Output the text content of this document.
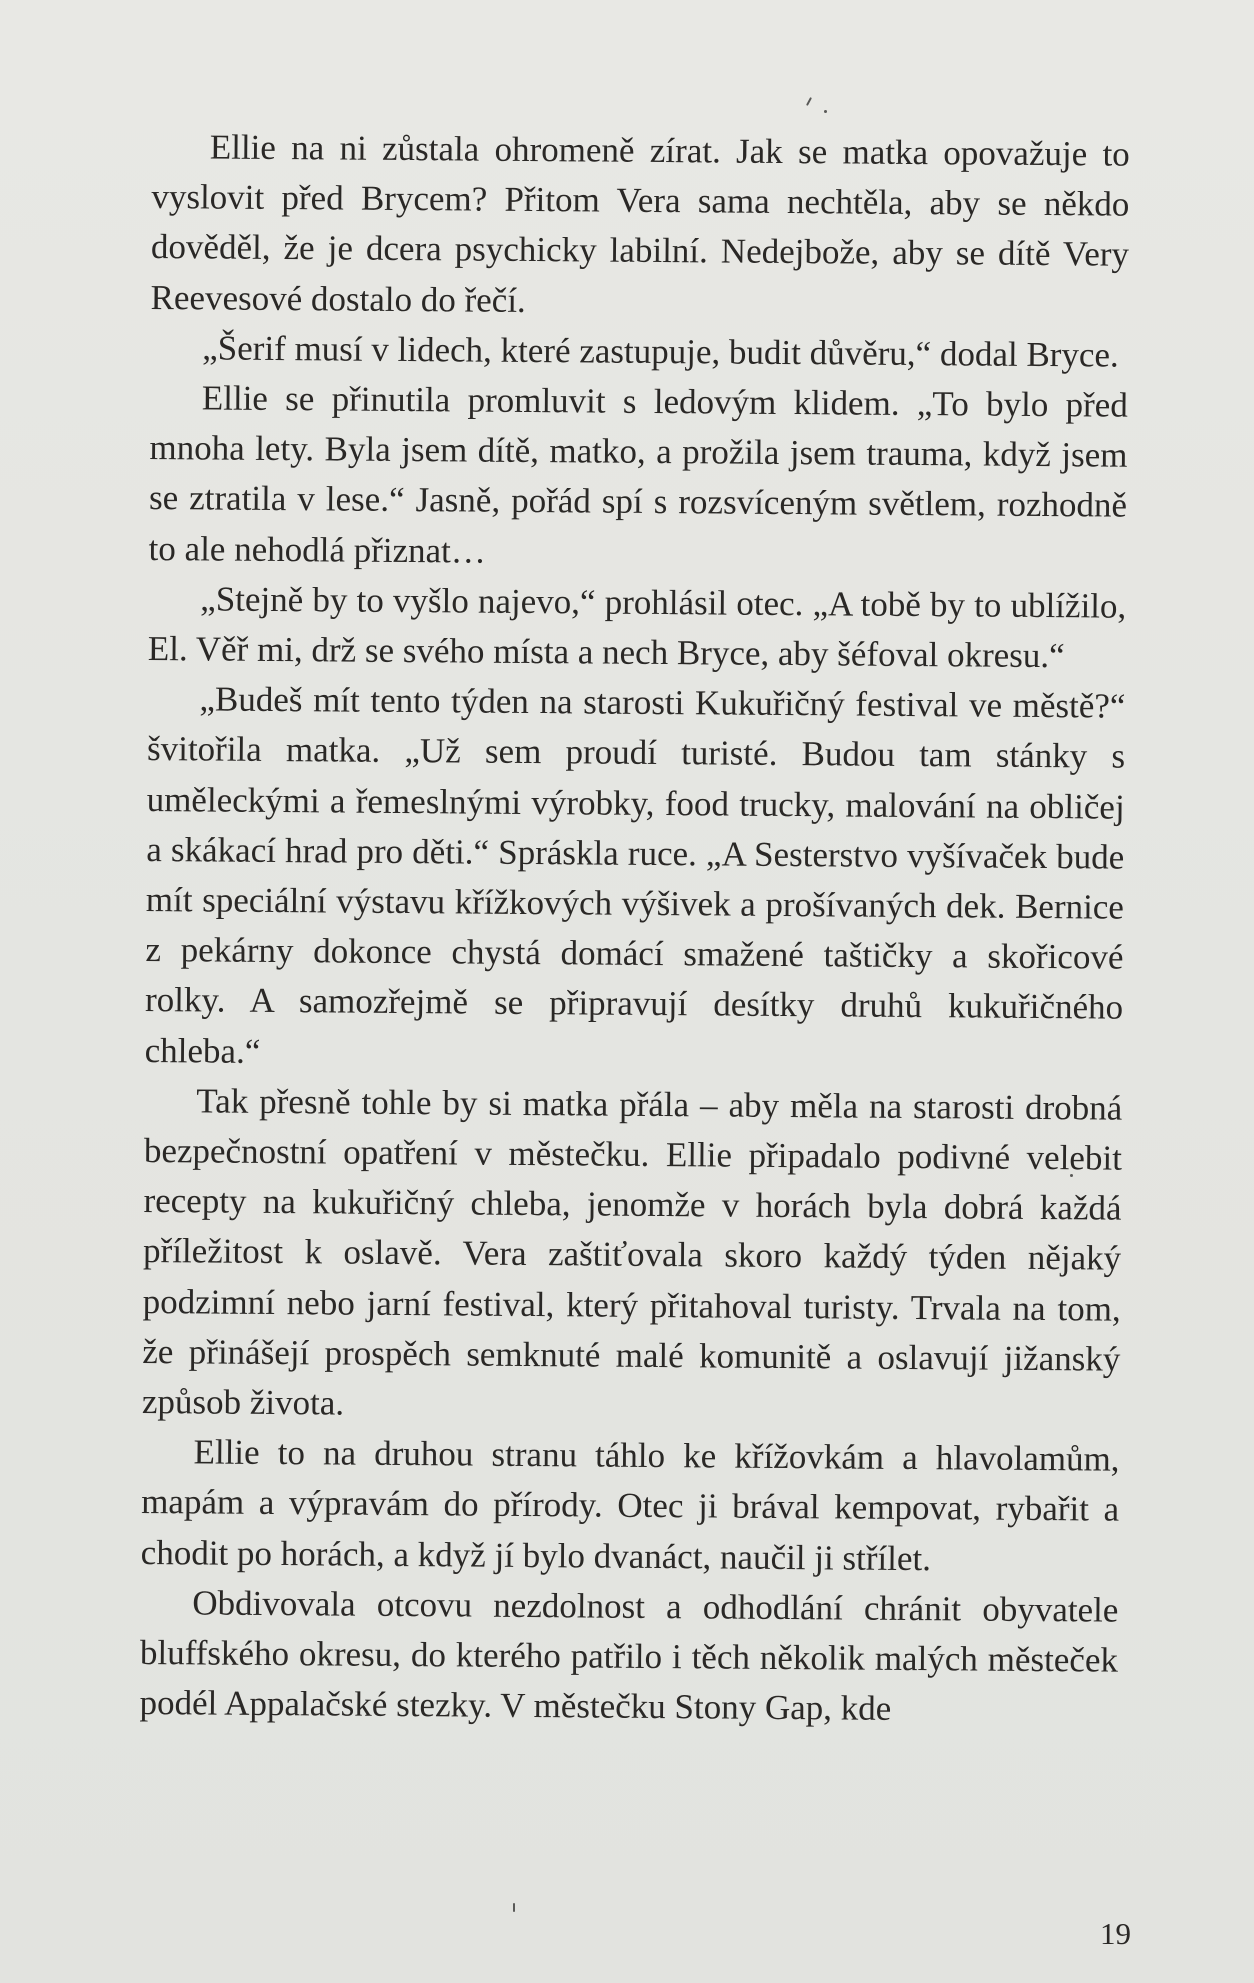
Ellie na ni zůstala ohromeně zírat. Jak se matka opovažuje to vyslovit před Brycem? Přitom Vera sama nechtěla, aby se někdo dověděl, že je dcera psychicky labilní. Nedejbože, aby se dítě Very Reevesové dostalo do řečí.

„Šerif musí v lidech, které zastupuje, budit důvěru,“ dodal Bryce.

Ellie se přinutila promluvit s ledovým klidem. „To bylo před mnoha lety. Byla jsem dítě, matko, a prožila jsem trauma, když jsem se ztratila v lese.“ Jasně, pořád spí s rozsvíceným světlem, rozhodně to ale nehodlá přiznat…

„Stejně by to vyšlo najevo,“ prohlásil otec. „A tobě by to ublížilo, El. Věř mi, drž se svého místa a nech Bryce, aby šéfoval okresu.“

„Budeš mít tento týden na starosti Kukuřičný festival ve městě?“ švitořila matka. „Už sem proudí turisté. Budou tam stánky s uměleckými a řemeslnými výrobky, food trucky, malování na obličej a skákací hrad pro děti.“ Spráskla ruce. „A Sesterstvo vyšívaček bude mít speciální výstavu křížkových výšivek a prošívaných dek. Bernice z pekárny dokonce chystá domácí smažené taštičky a skořicové rolky. A samozřejmě se připravují desítky druhů kukuřičného chleba.“

Tak přesně tohle by si matka přála – aby měla na starosti drobná bezpečnostní opatření v městečku. Ellie připadalo podivné velebit recepty na kukuřičný chleba, jenomže v horách byla dobrá každá příležitost k oslavě. Vera zaštiťovala skoro každý týden nějaký podzimní nebo jarní festival, který přitahoval turisty. Trvala na tom, že přinášejí prospěch semknuté malé komunitě a oslavují jižanský způsob života.

Ellie to na druhou stranu táhlo ke křížovkám a hlavolamům, mapám a výpravám do přírody. Otec ji brával kempovat, rybařit a chodit po horách, a když jí bylo dvanáct, naučil ji střílet.

Obdivovala otcovu nezdolnost a odhodlání chránit obyvatele bluffského okresu, do kterého patřilo i těch několik malých městeček podél Appalačské stezky. V městečku Stony Gap, kde

19
